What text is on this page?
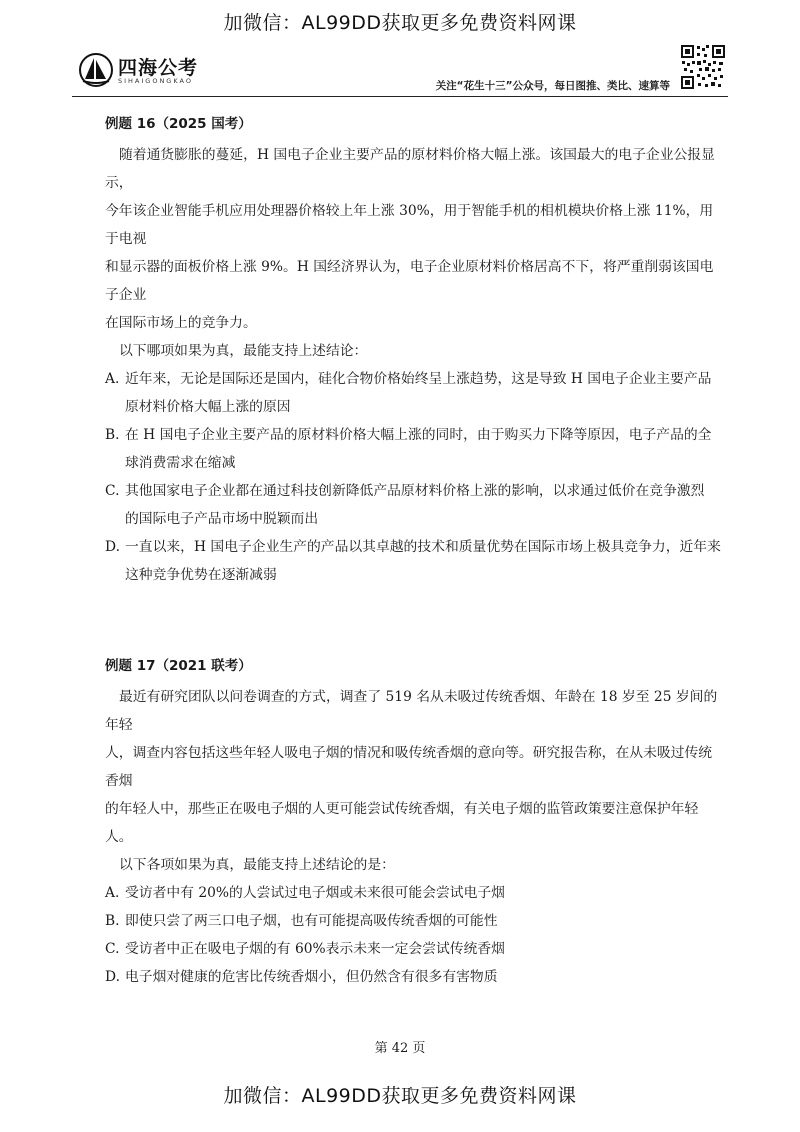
加微信：AL99DD获取更多免费资料网课
四海公考
SIHAIGONGKAO	关注“花生十三”公众号，每日图推、类比、速算等

例题 16（2025 国考）

随着通货膨胀的蔓延，H 国电子企业主要产品的原材料价格大幅上涨。该国最大的电子企业公报显示，

今年该企业智能手机应用处理器价格较上年上涨 30%，用于智能手机的相机模块价格上涨 11%，用于电视

和显示器的面板价格上涨 9%。H 国经济界认为，电子企业原材料价格居高不下，将严重削弱该国电子企业

在国际市场上的竞争力。

以下哪项如果为真，最能支持上述结论：

A. 近年来，无论是国际还是国内，硅化合物价格始终呈上涨趋势，这是导致 H 国电子企业主要产品
原材料价格大幅上涨的原因
B. 在 H 国电子企业主要产品的原材料价格大幅上涨的同时，由于购买力下降等原因，电子产品的全
球消费需求在缩减
C. 其他国家电子企业都在通过科技创新降低产品原材料价格上涨的影响，以求通过低价在竞争激烈
的国际电子产品市场中脱颖而出
D. 一直以来，H 国电子企业生产的产品以其卓越的技术和质量优势在国际市场上极具竞争力，近年来
这种竞争优势在逐渐减弱

例题 17（2021 联考）

最近有研究团队以问卷调查的方式，调查了 519 名从未吸过传统香烟、年龄在 18 岁至 25 岁间的年轻

人，调查内容包括这些年轻人吸电子烟的情况和吸传统香烟的意向等。研究报告称，在从未吸过传统香烟

的年轻人中，那些正在吸电子烟的人更可能尝试传统香烟，有关电子烟的监管政策要注意保护年轻人。

以下各项如果为真，最能支持上述结论的是：

A. 受访者中有 20%的人尝试过电子烟或未来很可能会尝试电子烟
B. 即使只尝了两三口电子烟，也有可能提高吸传统香烟的可能性
C. 受访者中正在吸电子烟的有 60%表示未来一定会尝试传统香烟
D. 电子烟对健康的危害比传统香烟小，但仍然含有很多有害物质
第 42 页
加微信：AL99DD获取更多免费资料网课
